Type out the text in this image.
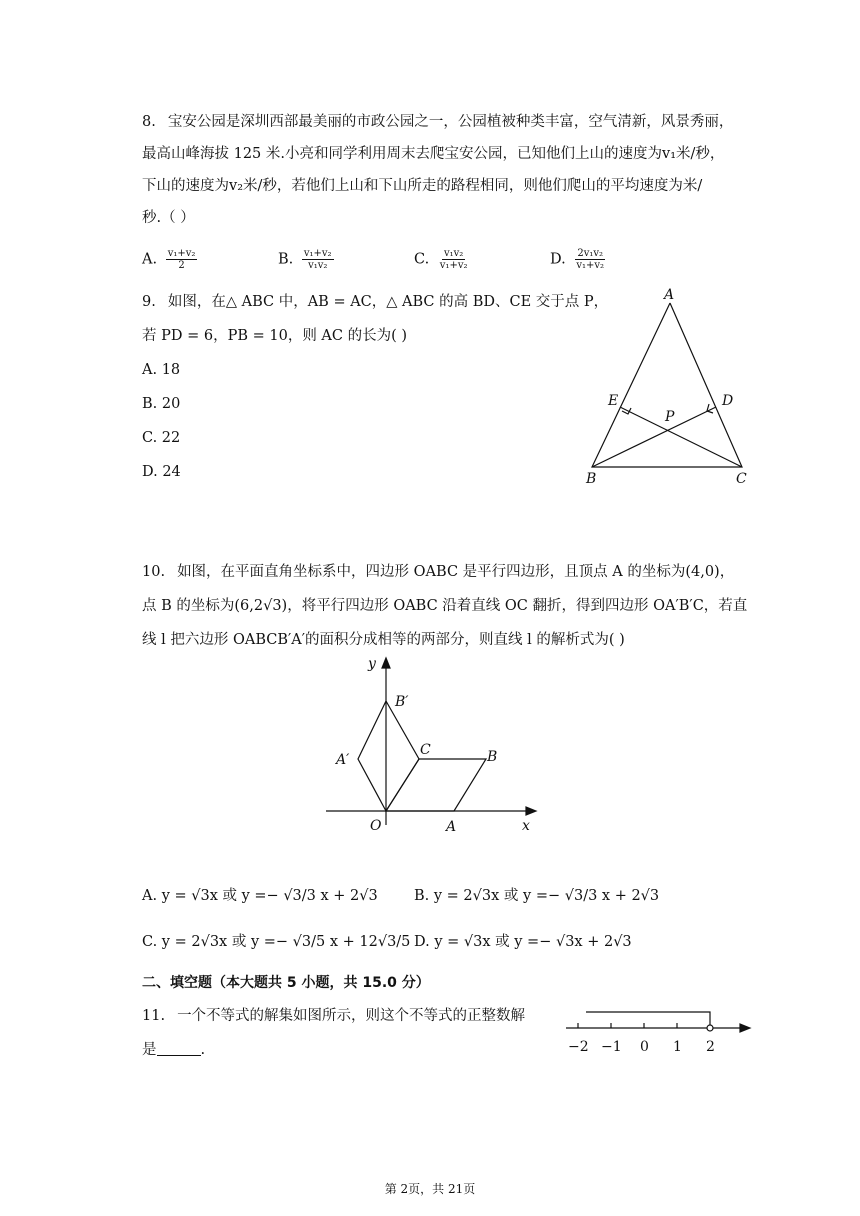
8. 宝安公园是深圳西部最美丽的市政公园之一，公园植被种类丰富，空气清新，风景秀丽，
最高山峰海拔 125 米.小亮和同学利用周末去爬宝安公园，已知他们上山的速度为v₁米/秒，
下山的速度为v₂米/秒，若他们上山和下山所走的路程相同，则他们爬山的平均速度为米/
秒.（ ）
A. $\frac{\text{v₁+v₂}}{2}$	B. $\frac{\text{v₁+v₂}}{\text{v₁v₂}}$	C. $\frac{\text{v₁v₂}}{\text{v₁+v₂}}$	D. $\frac{\text{2v₁v₂}}{\text{v₁+v₂}}$
9. 如图，在△ ABC 中，AB = AC，△ ABC 的高 BD、CE 交于点 P，
若 PD = 6，PB = 10，则 AC 的长为( )
A. 18
B. 20
C. 22
D. 24
A
B	C
D
E
P
10. 如图，在平面直角坐标系中，四边形 OABC 是平行四边形，且顶点 A 的坐标为(4,0)，
点 B 的坐标为(6,2√3)，将平行四边形 OABC 沿着直线 OC 翻折，得到四边形 OA′B′C，若直
线 l 把六边形 OABCB′A′的面积分成相等的两部分，则直线 l 的解析式为( )
y
x
O	A
B
C
A′
B′
A. y = √3x 或 y =− √3/3 x + 2√3	B. y = 2√3x 或 y =− √3/3 x + 2√3
C. y = 2√3x 或 y =− √3/5 x + 12√3/5 D. y = √3x 或 y =− √3x + 2√3
二、填空题（本大题共 5 小题，共 15.0 分）
11. 一个不等式的解集如图所示，则这个不等式的正整数解
是	.	−2 −1 0 1 2
第 2页，共 21页
